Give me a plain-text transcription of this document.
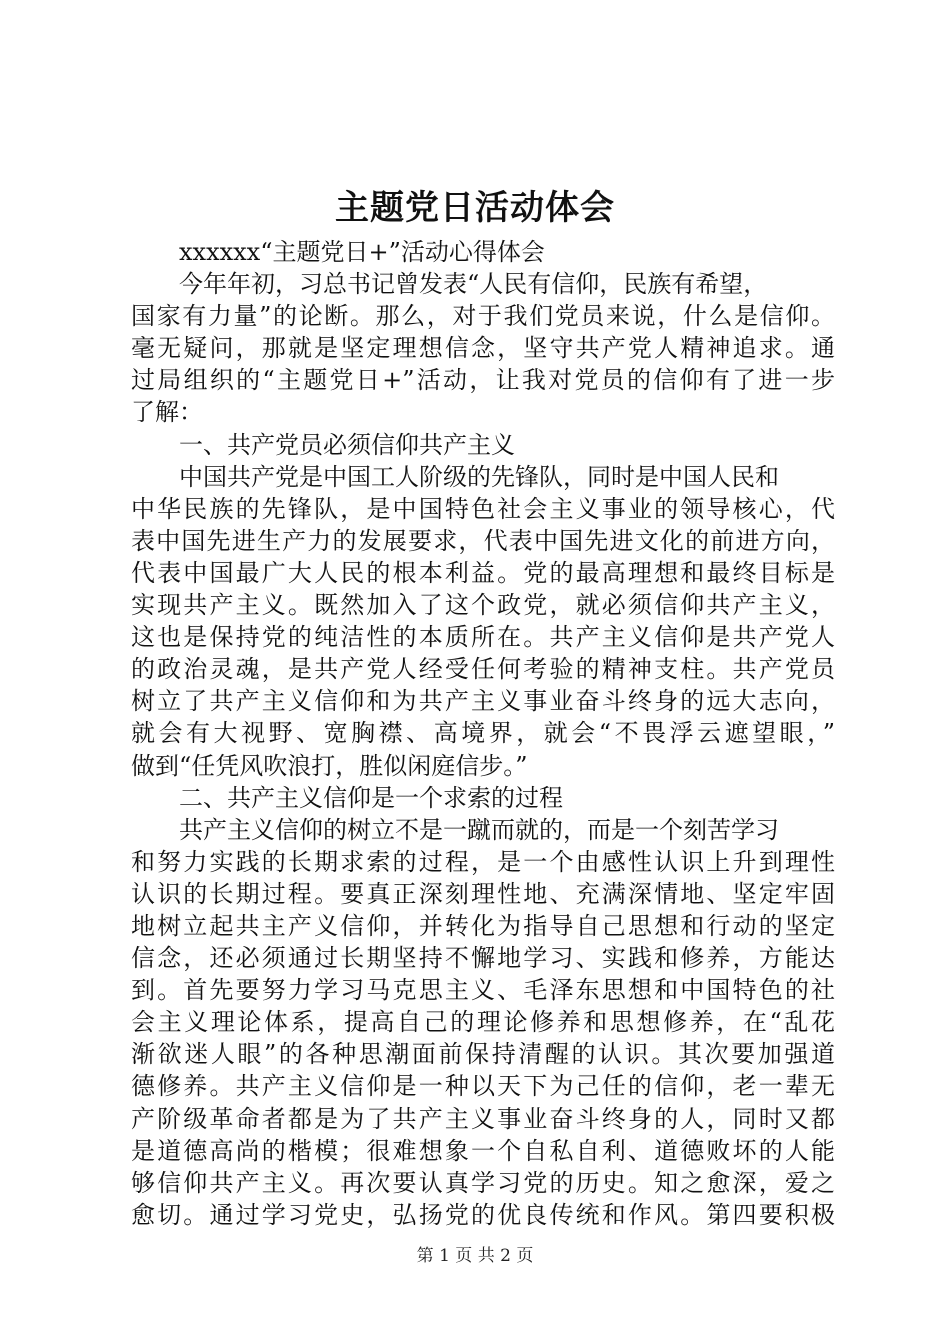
主题党日活动体会
xxxxxx“主题党日+”活动心得体会
今年年初，习总书记曾发表“人民有信仰，民族有希望，
国家有力量”的论断。那么，对于我们党员来说，什么是信仰。
毫无疑问，那就是坚定理想信念，坚守共产党人精神追求。通
过局组织的“主题党日+”活动，让我对党员的信仰有了进一步
了解：
一、共产党员必须信仰共产主义
中国共产党是中国工人阶级的先锋队，同时是中国人民和
中华民族的先锋队，是中国特色社会主义事业的领导核心，代
表中国先进生产力的发展要求，代表中国先进文化的前进方向，
代表中国最广大人民的根本利益。党的最高理想和最终目标是
实现共产主义。既然加入了这个政党，就必须信仰共产主义，
这也是保持党的纯洁性的本质所在。共产主义信仰是共产党人
的政治灵魂，是共产党人经受任何考验的精神支柱。共产党员
树立了共产主义信仰和为共产主义事业奋斗终身的远大志向，
就会有大视野、宽胸襟、高境界，就会“不畏浮云遮望眼，”
做到“任凭风吹浪打，胜似闲庭信步。”
二、共产主义信仰是一个求索的过程
共产主义信仰的树立不是一蹴而就的，而是一个刻苦学习
和努力实践的长期求索的过程，是一个由感性认识上升到理性
认识的长期过程。要真正深刻理性地、充满深情地、坚定牢固
地树立起共主产义信仰，并转化为指导自己思想和行动的坚定
信念，还必须通过长期坚持不懈地学习、实践和修养，方能达
到。首先要努力学习马克思主义、毛泽东思想和中国特色的社
会主义理论体系，提高自己的理论修养和思想修养，在“乱花
渐欲迷人眼”的各种思潮面前保持清醒的认识。其次要加强道
德修养。共产主义信仰是一种以天下为己任的信仰，老一辈无
产阶级革命者都是为了共产主义事业奋斗终身的人，同时又都
是道德高尚的楷模；很难想象一个自私自利、道德败坏的人能
够信仰共产主义。再次要认真学习党的历史。知之愈深，爱之
愈切。通过学习党史，弘扬党的优良传统和作风。第四要积极
第 1 页 共 2 页
